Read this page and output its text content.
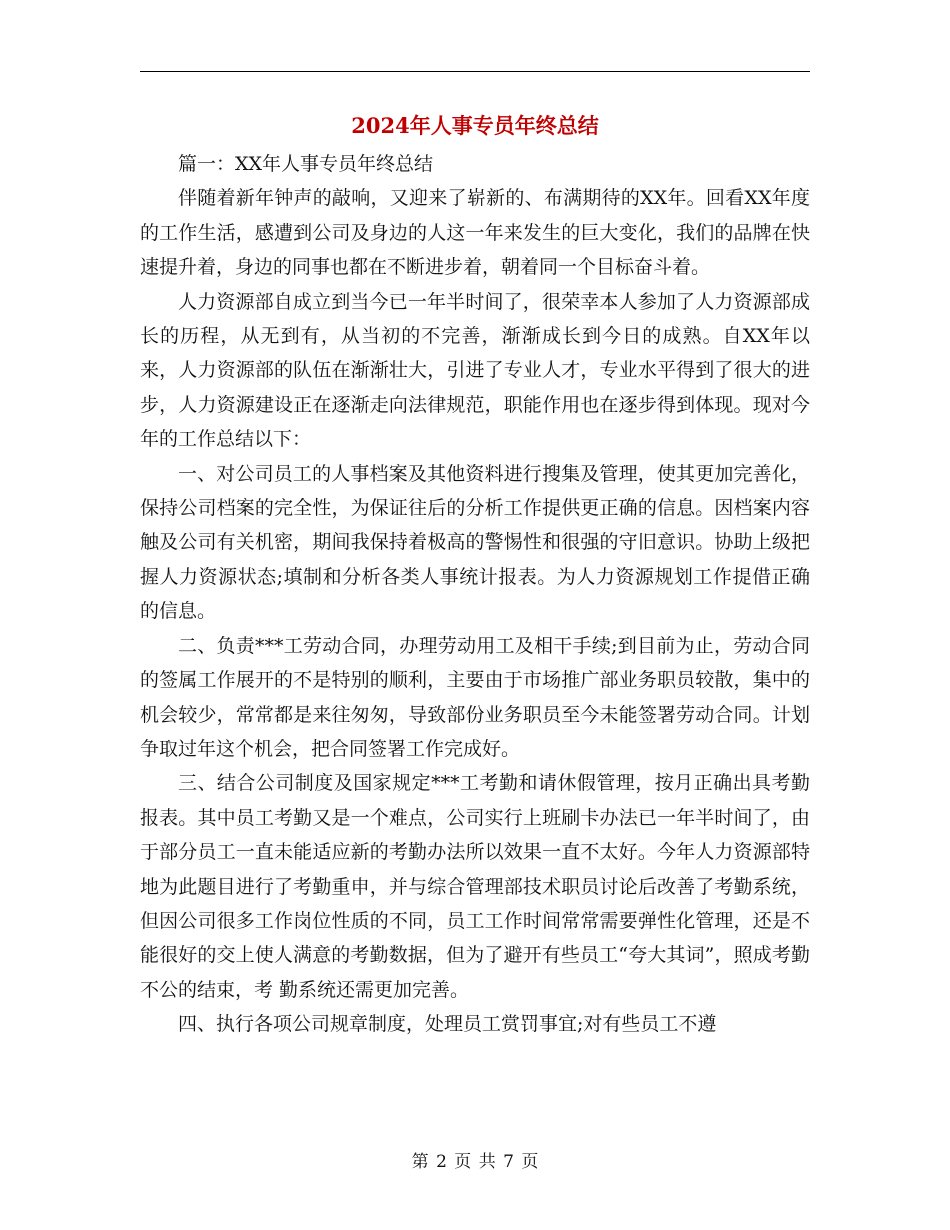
2024年人事专员年终总结

篇一：XX年人事专员年终总结

伴随着新年钟声的敲响，又迎来了崭新的、布满期待的XX年。回看XX年度的工作生活，感遭到公司及身边的人这一年来发生的巨大变化，我们的品牌在快速提升着，身边的同事也都在不断进步着，朝着同一个目标奋斗着。

人力资源部自成立到当今已一年半时间了，很荣幸本人参加了人力资源部成长的历程，从无到有，从当初的不完善，渐渐成长到今日的成熟。自XX年以来，人力资源部的队伍在渐渐壮大，引进了专业人才，专业水平得到了很大的进步，人力资源建设正在逐渐走向法律规范，职能作用也在逐步得到体现。现对今年的工作总结以下：

一、对公司员工的人事档案及其他资料进行搜集及管理，使其更加完善化，保持公司档案的完全性，为保证往后的分析工作提供更正确的信息。因档案内容触及公司有关机密，期间我保持着极高的警惕性和很强的守旧意识。协助上级把握人力资源状态;填制和分析各类人事统计报表。为人力资源规划工作提借正确的信息。

二、负责***工劳动合同，办理劳动用工及相干手续;到目前为止，劳动合同的签属工作展开的不是特别的顺利，主要由于市场推广部业务职员较散，集中的机会较少，常常都是来往匆匆，导致部份业务职员至今未能签署劳动合同。计划争取过年这个机会，把合同签署工作完成好。

三、结合公司制度及国家规定***工考勤和请休假管理，按月正确出具考勤报表。其中员工考勤又是一个难点，公司实行上班刷卡办法已一年半时间了，由于部分员工一直未能适应新的考勤办法所以效果一直不太好。今年人力资源部特地为此题目进行了考勤重申，并与综合管理部技术职员讨论后改善了考勤系统，但因公司很多工作岗位性质的不同，员工工作时间常常需要弹性化管理，还是不能很好的交上使人满意的考勤数据，但为了避开有些员工“夸大其词”，照成考勤不公的结束，考 勤系统还需更加完善。

四、执行各项公司规章制度，处理员工赏罚事宜;对有些员工不遵

第 2 页 共 7 页
